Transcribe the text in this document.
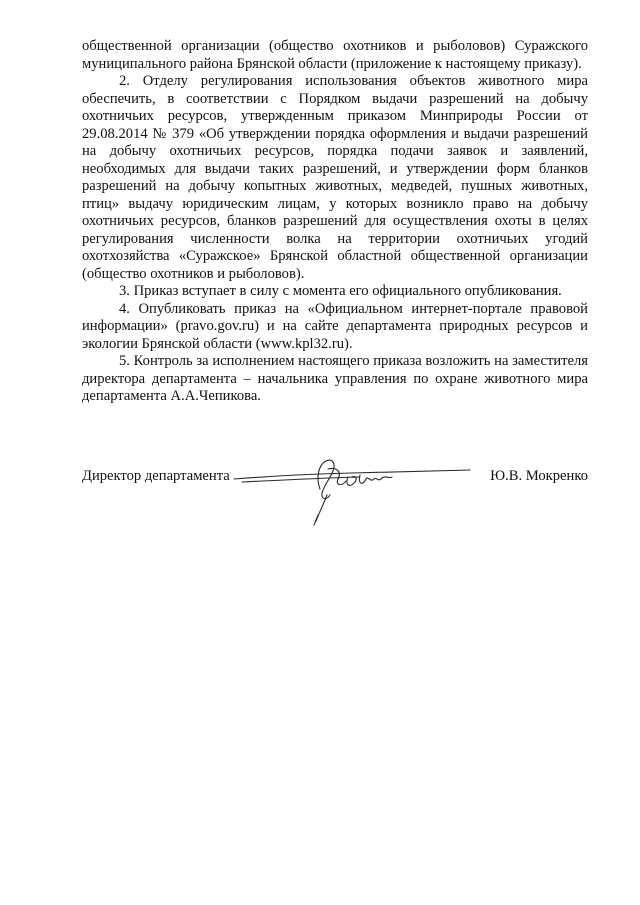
общественной организации (общество охотников и рыболовов) Суражского муниципального района Брянской области (приложение к настоящему приказу).

2. Отделу регулирования использования объектов животного мира обеспечить, в соответствии с Порядком выдачи разрешений на добычу охотничьих ресурсов, утвержденным приказом Минприроды России от 29.08.2014 № 379 «Об утверждении порядка оформления и выдачи разрешений на добычу охотничьих ресурсов, порядка подачи заявок и заявлений, необходимых для выдачи таких разрешений, и утверждении форм бланков разрешений на добычу копытных животных, медведей, пушных животных, птиц» выдачу юридическим лицам, у которых возникло право на добычу охотничьих ресурсов, бланков разрешений для осуществления охоты в целях регулирования численности волка на территории охотничьих угодий охотхозяйства «Суражское» Брянской областной общественной организации (общество охотников и рыболовов).

3. Приказ вступает в силу с момента его официального опубликования.

4. Опубликовать приказ на «Официальном интернет-портале правовой информации» (pravo.gov.ru) и на сайте департамента природных ресурсов и экологии Брянской области (www.kpl32.ru).

5. Контроль за исполнением настоящего приказа возложить на заместителя директора департамента – начальника управления по охране животного мира департамента А.А.Чепикова.

Директор департамента	Ю.В. Мокренко
